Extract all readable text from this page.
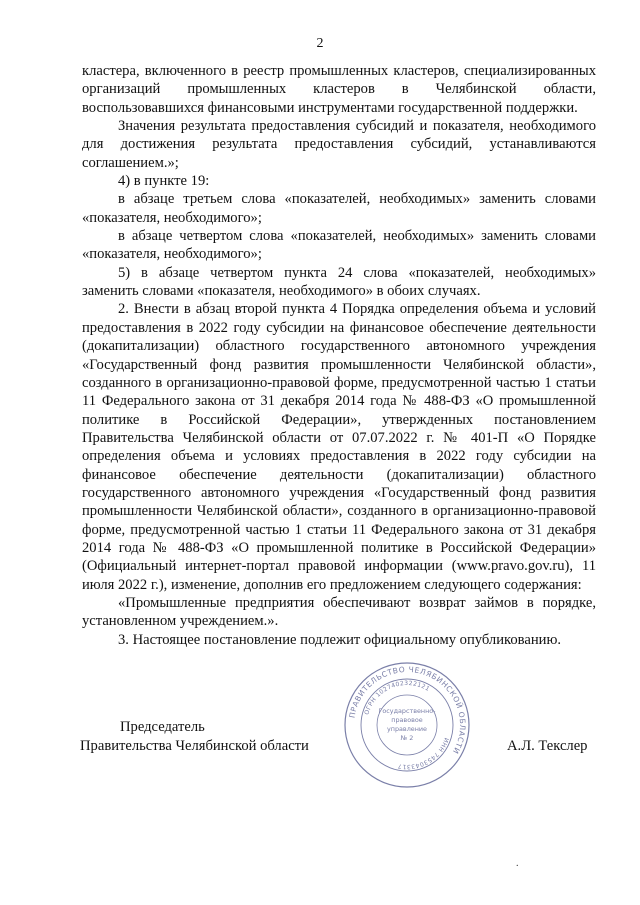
2

кластера, включенного в реестр промышленных кластеров, специализированных организаций промышленных кластеров в Челябинской области, воспользовавшихся финансовыми инструментами государственной поддержки.

Значения результата предоставления субсидий и показателя, необходимого для достижения результата предоставления субсидий, устанавливаются соглашением.»;

4) в пункте 19:

в абзаце третьем слова «показателей, необходимых» заменить словами «показателя, необходимого»;

в абзаце четвертом слова «показателей, необходимых» заменить словами «показателя, необходимого»;

5) в абзаце четвертом пункта 24 слова «показателей, необходимых» заменить словами «показателя, необходимого» в обоих случаях.

2. Внести в абзац второй пункта 4 Порядка определения объема и условий предоставления в 2022 году субсидии на финансовое обеспечение деятельности (докапитализации) областного государственного автономного учреждения «Государственный фонд развития промышленности Челябинской области», созданного в организационно-правовой форме, предусмотренной частью 1 статьи 11 Федерального закона от 31 декабря 2014 года № 488-ФЗ «О промышленной политике в Российской Федерации», утвержденных постановлением Правительства Челябинской области от 07.07.2022 г. № 401-П «О Порядке определения объема и условиях предоставления в 2022 году субсидии на финансовое обеспечение деятельности (докапитализации) областного государственного автономного учреждения «Государственный фонд развития промышленности Челябинской области», созданного в организационно-правовой форме, предусмотренной частью 1 статьи 11 Федерального закона от 31 декабря 2014 года № 488-ФЗ «О промышленной политике в Российской Федерации» (Официальный интернет-портал правовой информации (www.pravo.gov.ru), 11 июля 2022 г.), изменение, дополнив его предложением следующего содержания:

«Промышленные предприятия обеспечивают возврат займов в порядке, установленном учреждением.».

3. Настоящее постановление подлежит официальному опубликованию.

ПРАВИТЕЛЬСТВО ЧЕЛЯБИНСКОЙ ОБЛАСТИ
ОГРН 1027402322121
ИНН 7453043317
Государственно-
правовое
управление
№ 2
Председатель
Правительства Челябинской области	А.Л. Текслер
.
